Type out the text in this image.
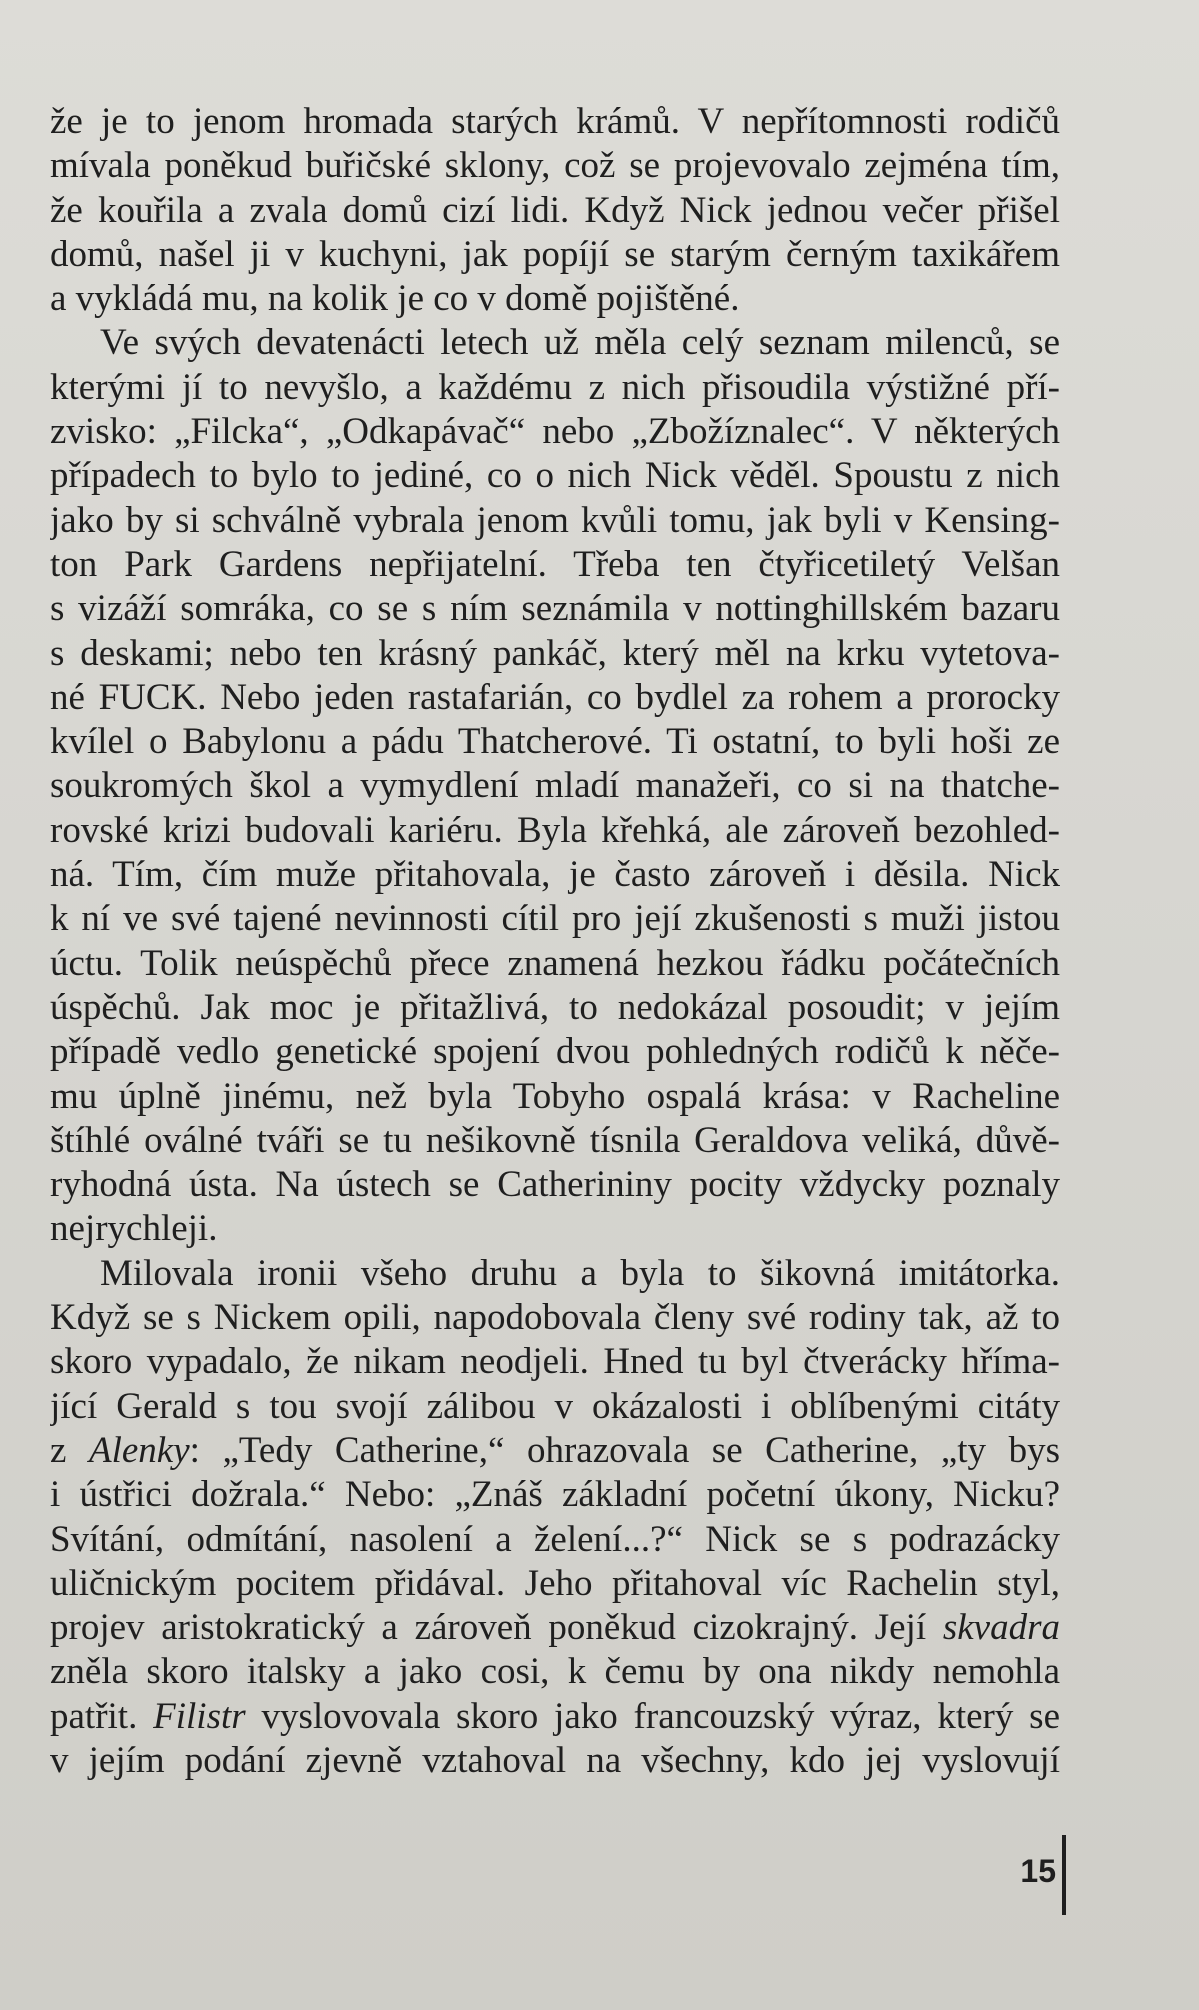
že je to jenom hromada starých krámů. V nepřítomnosti rodičů
mívala poněkud buřičské sklony, což se projevovalo zejména tím,
že kouřila a zvala domů cizí lidi. Když Nick jednou večer přišel
domů, našel ji v kuchyni, jak popíjí se starým černým taxikářem
a vykládá mu, na kolik je co v domě pojištěné.
Ve svých devatenácti letech už měla celý seznam milenců, se
kterými jí to nevyšlo, a každému z nich přisoudila výstižné pří-
zvisko: „Filcka“, „Odkapávač“ nebo „Zbožíznalec“. V některých
případech to bylo to jediné, co o nich Nick věděl. Spoustu z nich
jako by si schválně vybrala jenom kvůli tomu, jak byli v Kensing-
ton Park Gardens nepřijatelní. Třeba ten čtyřicetiletý Velšan
s vizáží somráka, co se s ním seznámila v nottinghillském bazaru
s deskami; nebo ten krásný pankáč, který měl na krku vytetova-
né FUCK. Nebo jeden rastafarián, co bydlel za rohem a prorocky
kvílel o Babylonu a pádu Thatcherové. Ti ostatní, to byli hoši ze
soukromých škol a vymydlení mladí manažeři, co si na thatche-
rovské krizi budovali kariéru. Byla křehká, ale zároveň bezohled-
ná. Tím, čím muže přitahovala, je často zároveň i děsila. Nick
k ní ve své tajené nevinnosti cítil pro její zkušenosti s muži jistou
úctu. Tolik neúspěchů přece znamená hezkou řádku počátečních
úspěchů. Jak moc je přitažlivá, to nedokázal posoudit; v jejím
případě vedlo genetické spojení dvou pohledných rodičů k něče-
mu úplně jinému, než byla Tobyho ospalá krása: v Racheline
štíhlé oválné tváři se tu nešikovně tísnila Geraldova veliká, důvě-
ryhodná ústa. Na ústech se Catherininy pocity vždycky poznaly
nejrychleji.
Milovala ironii všeho druhu a byla to šikovná imitátorka.
Když se s Nickem opili, napodobovala členy své rodiny tak, až to
skoro vypadalo, že nikam neodjeli. Hned tu byl čtverácky hříma-
jící Gerald s tou svojí zálibou v okázalosti i oblíbenými citáty
z Alenky: „Tedy Catherine,“ ohrazovala se Catherine, „ty bys
i ústřici dožrala.“ Nebo: „Znáš základní početní úkony, Nicku?
Svítání, odmítání, nasolení a želení...?“ Nick se s podrazácky
uličnickým pocitem přidával. Jeho přitahoval víc Rachelin styl,
projev aristokratický a zároveň poněkud cizokrajný. Její skvadra
zněla skoro italsky a jako cosi, k čemu by ona nikdy nemohla
patřit. Filistr vyslovovala skoro jako francouzský výraz, který se
v jejím podání zjevně vztahoval na všechny, kdo jej vyslovují
15
